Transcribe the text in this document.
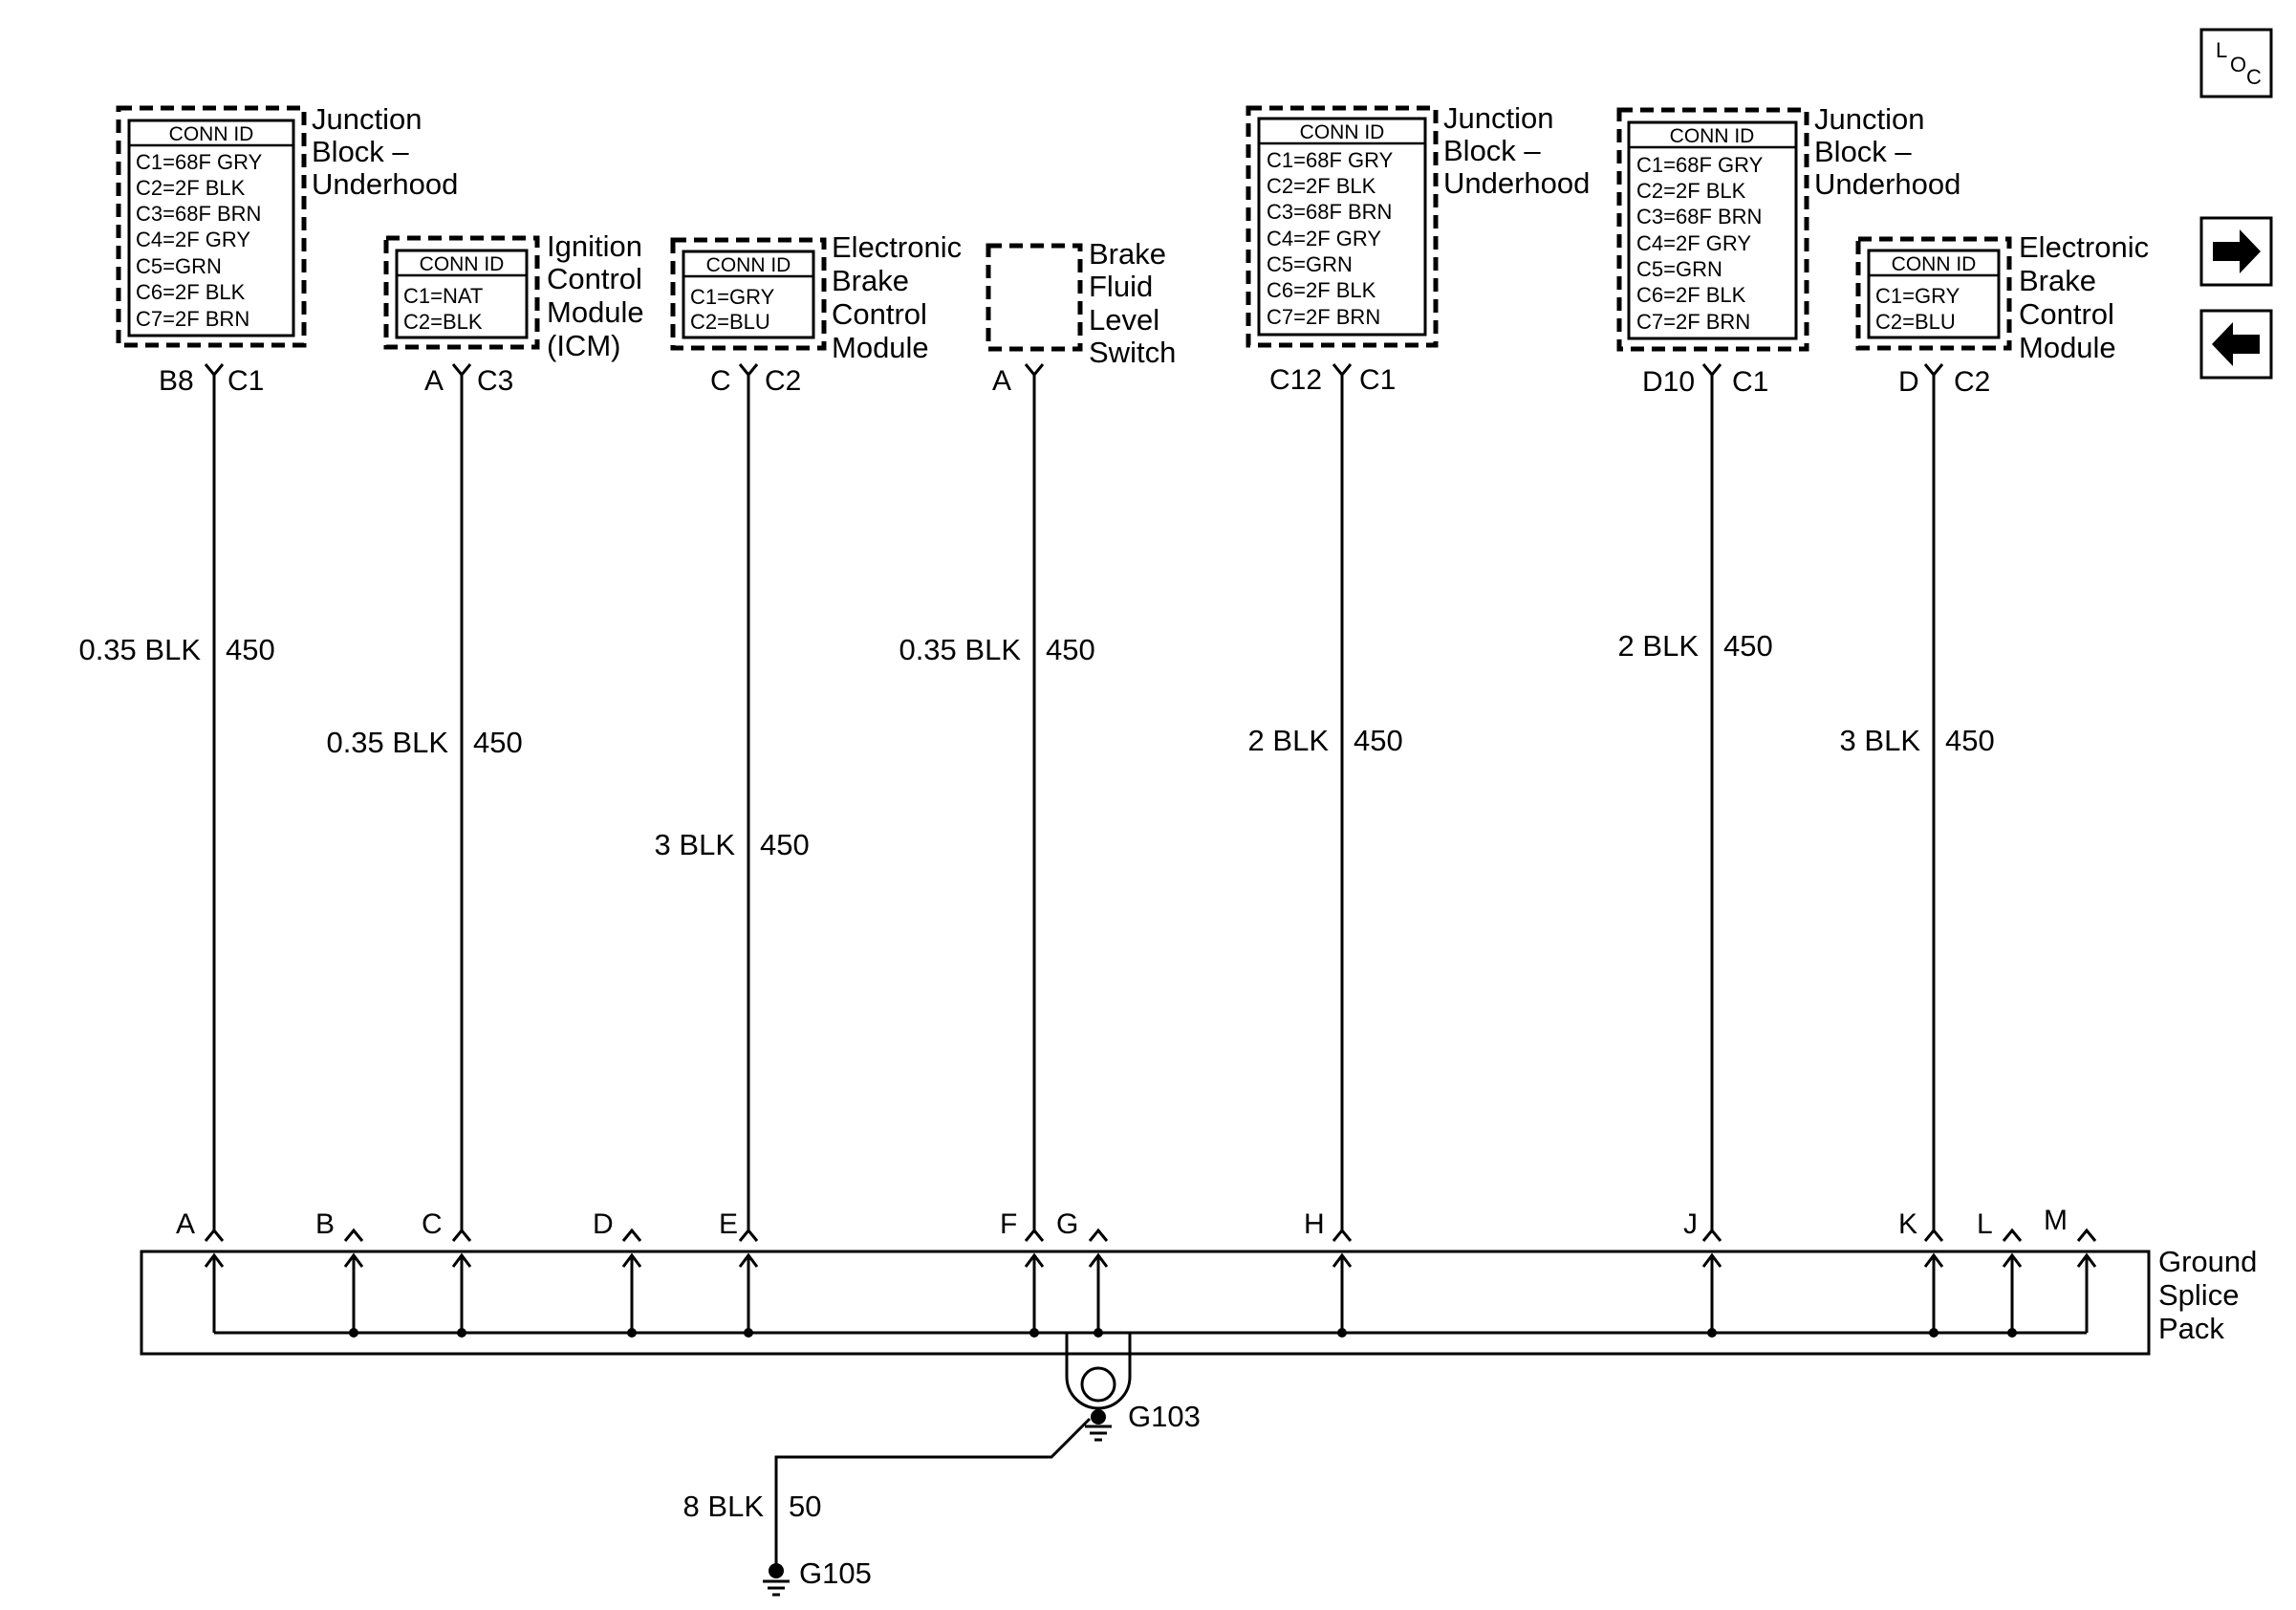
L
O
C
CONN ID
C1=68F GRY
C2=2F BLK
C3=68F BRN
C4=2F GRY
C5=GRN
C6=2F BLK
C7=2F BRN
Junction
Block –
Underhood
B8 C1
CONN ID
C1=NAT
C2=BLK
Ignition
Control
Module
(ICM)
A C3
CONN ID
C1=GRY
C2=BLU
Electronic
Brake
Control
Module
C C2
Brake
Fluid
Level
Switch
A
CONN ID
C1=68F GRY
C2=2F BLK
C3=68F BRN
C4=2F GRY
C5=GRN
C6=2F BLK
C7=2F BRN
Junction
Block –
Underhood
C12 C1
CONN ID
C1=68F GRY
C2=2F BLK
C3=68F BRN
C4=2F GRY
C5=GRN
C6=2F BLK
C7=2F BRN
Junction
Block –
Underhood
D10 C1
CONN ID
C1=GRY
C2=BLU
Electronic
Brake
Control
Module
D C2
0.35 BLK 450
0.35 BLK 450
3 BLK 450
0.35 BLK 450
2 BLK 450
2 BLK 450
3 BLK 450
A	B	C	D	E	F G	H	J	K L M
Ground
Splice
Pack
G103
8 BLK 50
G105
